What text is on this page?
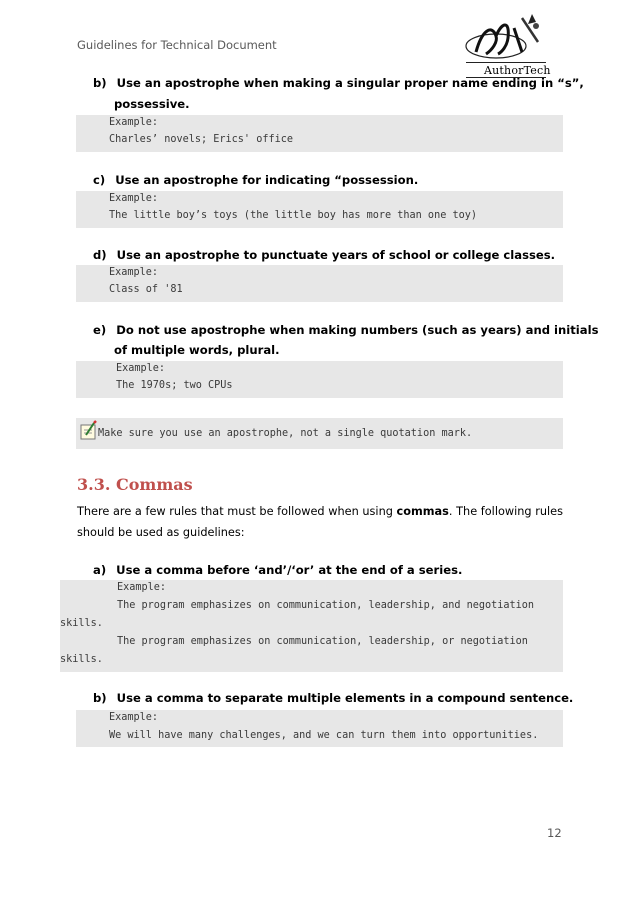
Guidelines for Technical Document
AuthorTech
b) Use an apostrophe when making a singular proper name ending in “s”,
possessive.
Example:
Charles’ novels; Erics' office
c) Use an apostrophe for indicating “possession.
Example:
The little boy’s toys (the little boy has more than one toy)
d) Use an apostrophe to punctuate years of school or college classes.
Example:
Class of '81
e) Do not use apostrophe when making numbers (such as years) and initials
of multiple words, plural.
Example:
The 1970s; two CPUs
Make sure you use an apostrophe, not a single quotation mark.
3.3. Commas
There are a few rules that must be followed when using commas. The following rules should be used as guidelines:
a) Use a comma before ‘and’/‘or’ at the end of a series.
Example:
The program emphasizes on communication, leadership, and negotiation
skills.
The program emphasizes on communication, leadership, or negotiation
skills.
b) Use a comma to separate multiple elements in a compound sentence.
Example:
We will have many challenges, and we can turn them into opportunities.
12
